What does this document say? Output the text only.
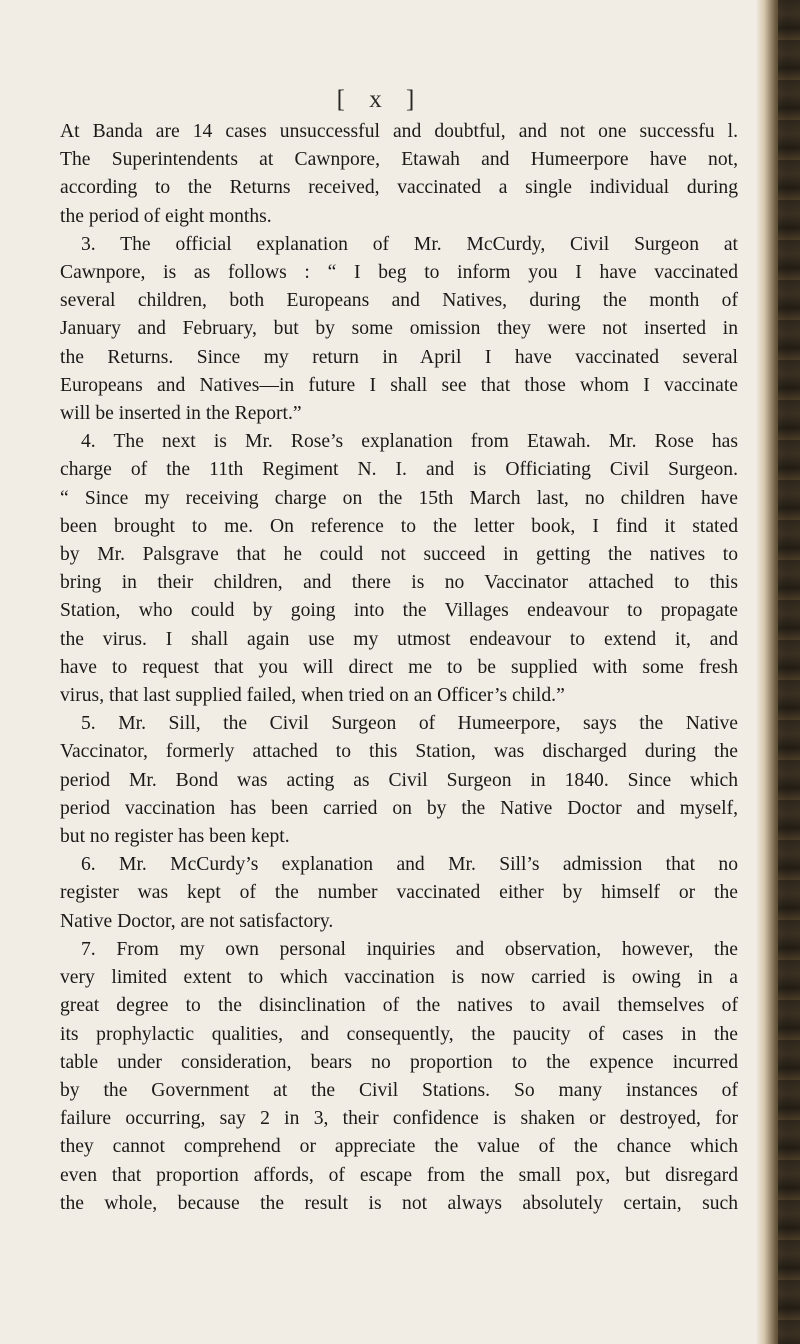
[ x ]

At Banda are 14 cases unsuccessful and doubtful, and not one successfu l.

The Superintendents at Cawnpore, Etawah and Humeerpore have not,

according to the Returns received, vaccinated a single individual during

the period of eight months.

3. The official explanation of Mr. McCurdy, Civil Surgeon at

Cawnpore, is as follows : “ I beg to inform you I have vaccinated

several children, both Europeans and Natives, during the month of

January and February, but by some omission they were not inserted in

the Returns. Since my return in April I have vaccinated several

Europeans and Natives—in future I shall see that those whom I vaccinate

will be inserted in the Report.”

4. The next is Mr. Rose’s explanation from Etawah. Mr. Rose has

charge of the 11th Regiment N. I. and is Officiating Civil Surgeon.

“ Since my receiving charge on the 15th March last, no children have

been brought to me. On reference to the letter book, I find it stated

by Mr. Palsgrave that he could not succeed in getting the natives to

bring in their children, and there is no Vaccinator attached to this

Station, who could by going into the Villages endeavour to propagate

the virus. I shall again use my utmost endeavour to extend it, and

have to request that you will direct me to be supplied with some fresh

virus, that last supplied failed, when tried on an Officer’s child.”

5. Mr. Sill, the Civil Surgeon of Humeerpore, says the Native

Vaccinator, formerly attached to this Station, was discharged during the

period Mr. Bond was acting as Civil Surgeon in 1840. Since which

period vaccination has been carried on by the Native Doctor and myself,

but no register has been kept.

6. Mr. McCurdy’s explanation and Mr. Sill’s admission that no

register was kept of the number vaccinated either by himself or the

Native Doctor, are not satisfactory.

7. From my own personal inquiries and observation, however, the

very limited extent to which vaccination is now carried is owing in a

great degree to the disinclination of the natives to avail themselves of

its prophylactic qualities, and consequently, the paucity of cases in the

table under consideration, bears no proportion to the expence incurred

by the Government at the Civil Stations. So many instances of

failure occurring, say 2 in 3, their confidence is shaken or destroyed, for

they cannot comprehend or appreciate the value of the chance which

even that proportion affords, of escape from the small pox, but disregard

the whole, because the result is not always absolutely certain, such
